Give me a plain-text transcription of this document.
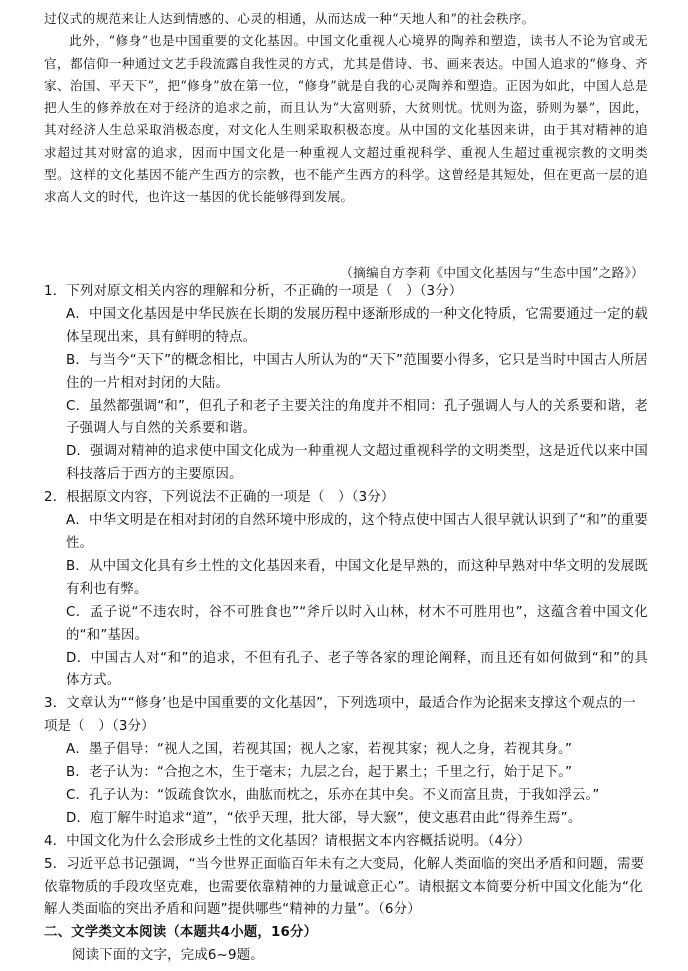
过仪式的规范来让人达到情感的、心灵的相通，从而达成一种“天地人和”的社会秩序。

此外，“修身”也是中国重要的文化基因。中国文化重视人心境界的陶养和塑造，读书人不论为官或无官，都信仰一种通过文艺手段流露自我性灵的方式，尤其是借诗、书、画来表达。中国人追求的“修身、齐家、治国、平天下”，把“修身”放在第一位，“修身”就是自我的心灵陶养和塑造。正因为如此，中国人总是把人生的修养放在对于经济的追求之前，而且认为“大富则骄，大贫则忧。忧则为盗，骄则为暴”，因此，其对经济人生总采取消极态度，对文化人生则采取积极态度。从中国的文化基因来讲，由于其对精神的追求超过其对财富的追求，因而中国文化是一种重视人文超过重视科学、重视人生超过重视宗教的文明类型。这样的文化基因不能产生西方的宗教，也不能产生西方的科学。这曾经是其短处，但在更高一层的追求高人文的时代，也许这一基因的优长能够得到发展。

（摘编自方李莉《中国文化基因与“生态中国”之路》）

1．下列对原文相关内容的理解和分析，不正确的一项是（　）（3分）

A．中国文化基因是中华民族在长期的发展历程中逐渐形成的一种文化特质，它需要通过一定的载体呈现出来，具有鲜明的特点。

B．与当今“天下”的概念相比，中国古人所认为的“天下”范围要小得多，它只是当时中国古人所居住的一片相对封闭的大陆。

C．虽然都强调“和”，但孔子和老子主要关注的角度并不相同：孔子强调人与人的关系要和谐，老子强调人与自然的关系要和谐。

D．强调对精神的追求使中国文化成为一种重视人文超过重视科学的文明类型，这是近代以来中国科技落后于西方的主要原因。

2．根据原文内容，下列说法不正确的一项是（　）（3分）

A．中华文明是在相对封闭的自然环境中形成的，这个特点使中国古人很早就认识到了“和”的重要性。

B．从中国文化具有乡土性的文化基因来看，中国文化是早熟的，而这种早熟对中华文明的发展既有利也有弊。

C．孟子说“不违农时，谷不可胜食也”“斧斤以时入山林，材木不可胜用也”，这蕴含着中国文化的“和”基因。

D．中国古人对“和”的追求，不但有孔子、老子等各家的理论阐释，而且还有如何做到“和”的具体方式。

3．文章认为““修身’也是中国重要的文化基因”，下列选项中，最适合作为论据来支撑这个观点的一项是（　）（3分）

A．墨子倡导：“视人之国，若视其国；视人之家，若视其家；视人之身，若视其身。”

B．老子认为：“合抱之木，生于毫末；九层之台，起于累土；千里之行，始于足下。”

C．孔子认为：“饭疏食饮水，曲肱而枕之，乐亦在其中矣。不义而富且贵，于我如浮云。”

D．庖丁解牛时追求“道”，“依乎天理，批大郤，导大窾”，使文惠君由此“得养生焉”。

4．中国文化为什么会形成乡土性的文化基因？请根据文本内容概括说明。（4分）

5．习近平总书记强调，“当今世界正面临百年未有之大变局，化解人类面临的突出矛盾和问题，需要依靠物质的手段攻坚克难，也需要依靠精神的力量诚意正心”。请根据文本简要分析中国文化能为“化解人类面临的突出矛盾和问题”提供哪些“精神的力量”。（6分）

二、文学类文本阅读（本题共4小题，16分）

阅读下面的文字，完成6~9题。
